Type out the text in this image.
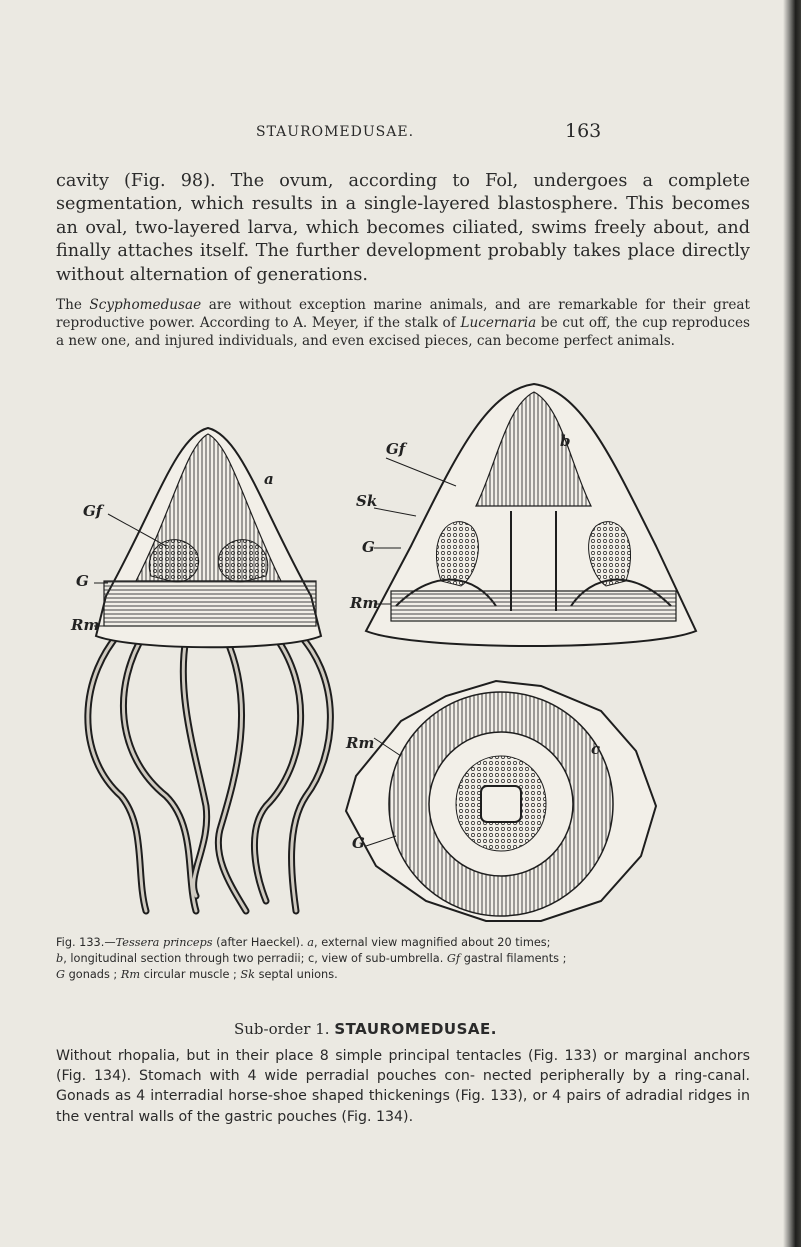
STAUROMEDUSAE.	163

cavity (Fig. 98). The ovum, according to Fol, undergoes a complete segmentation, which results in a single-layered blastosphere. This becomes an oval, two-layered larva, which becomes ciliated, swims freely about, and finally attaches itself. The further development probably takes place directly without alternation of generations.

The Scyphomedusae are without exception marine animals, and are remarkable for their great reproductive power. According to A. Meyer, if the stalk of Lucernaria be cut off, the cup reproduces a new one, and injured individuals, and even excised pieces, can become perfect animals.

a
Gf
G
Rm
b
Gf
Sk
G
Rm
c
Rm
G

Fig. 133.—Tessera princeps (after Haeckel). a, external view magnified about 20 times;
b, longitudinal section through two perradii; c, view of sub-umbrella. Gf gastral filaments ;
G gonads ; Rm circular muscle ; Sk septal unions.

Sub-order 1. STAUROMEDUSAE.

Without rhopalia, but in their place 8 simple principal tentacles (Fig. 133) or marginal anchors (Fig. 134). Stomach with 4 wide perradial pouches con- nected peripherally by a ring-canal. Gonads as 4 interradial horse-shoe shaped thickenings (Fig. 133), or 4 pairs of adradial ridges in the ventral walls of the gastric pouches (Fig. 134).
